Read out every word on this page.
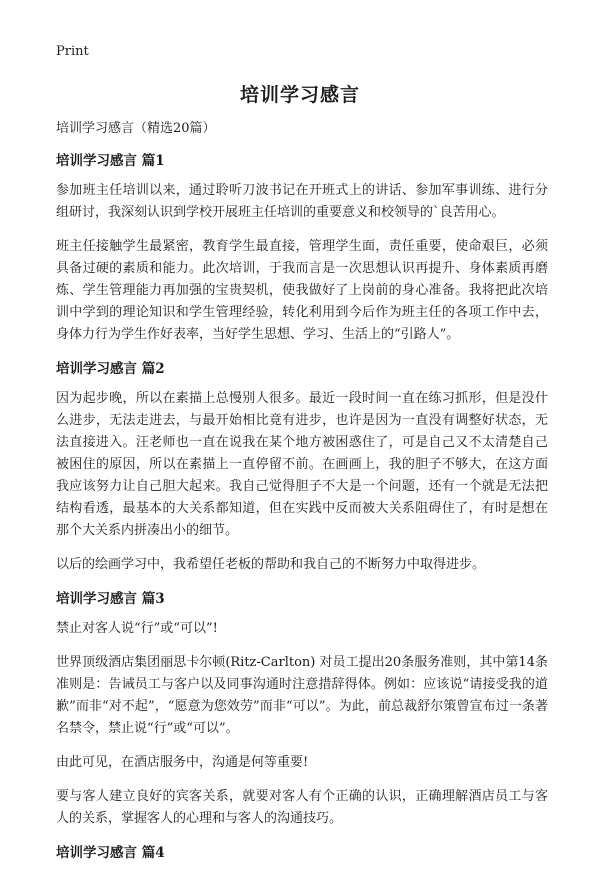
Print
培训学习感言

培训学习感言（精选20篇）

培训学习感言 篇1

参加班主任培训以来，通过聆听刀波书记在开班式上的讲话、参加军事训练、进行分组研讨，我深刻认识到学校开展班主任培训的重要意义和校领导的`良苦用心。

班主任接触学生最紧密，教育学生最直接，管理学生面，责任重要，使命艰巨，必须具备过硬的素质和能力。此次培训，于我而言是一次思想认识再提升、身体素质再磨炼、学生管理能力再加强的宝贵契机，使我做好了上岗前的身心准备。我将把此次培训中学到的理论知识和学生管理经验，转化利用到今后作为班主任的各项工作中去，身体力行为学生作好表率，当好学生思想、学习、生活上的“引路人”。

培训学习感言 篇2

因为起步晚，所以在素描上总慢别人很多。最近一段时间一直在练习抓形，但是没什么进步，无法走进去，与最开始相比竟有进步，也许是因为一直没有调整好状态，无法直接进入。汪老师也一直在说我在某个地方被困惑住了，可是自己又不太清楚自己被困住的原因，所以在素描上一直停留不前。在画画上，我的胆子不够大，在这方面我应该努力让自己胆大起来。我自己觉得胆子不大是一个问题，还有一个就是无法把结构看透，最基本的大关系都知道，但在实践中反而被大关系阻碍住了，有时是想在那个大关系内拼凑出小的细节。

以后的绘画学习中，我希望任老板的帮助和我自己的不断努力中取得进步。

培训学习感言 篇3

禁止对客人说“行”或“可以”!

世界顶级酒店集团丽思卡尔顿(Ritz-Carlton) 对员工提出20条服务准则，其中第14条准则是：告诫员工与客户以及同事沟通时注意措辞得体。例如：应该说“请接受我的道歉”而非“对不起”，“愿意为您效劳”而非“可以”。为此，前总裁舒尔策曾宣布过一条著名禁令，禁止说“行”或“可以”。

由此可见，在酒店服务中，沟通是何等重要!

要与客人建立良好的宾客关系，就要对客人有个正确的认识，正确理解酒店员工与客人的关系，掌握客人的心理和与客人的沟通技巧。

培训学习感言 篇4
